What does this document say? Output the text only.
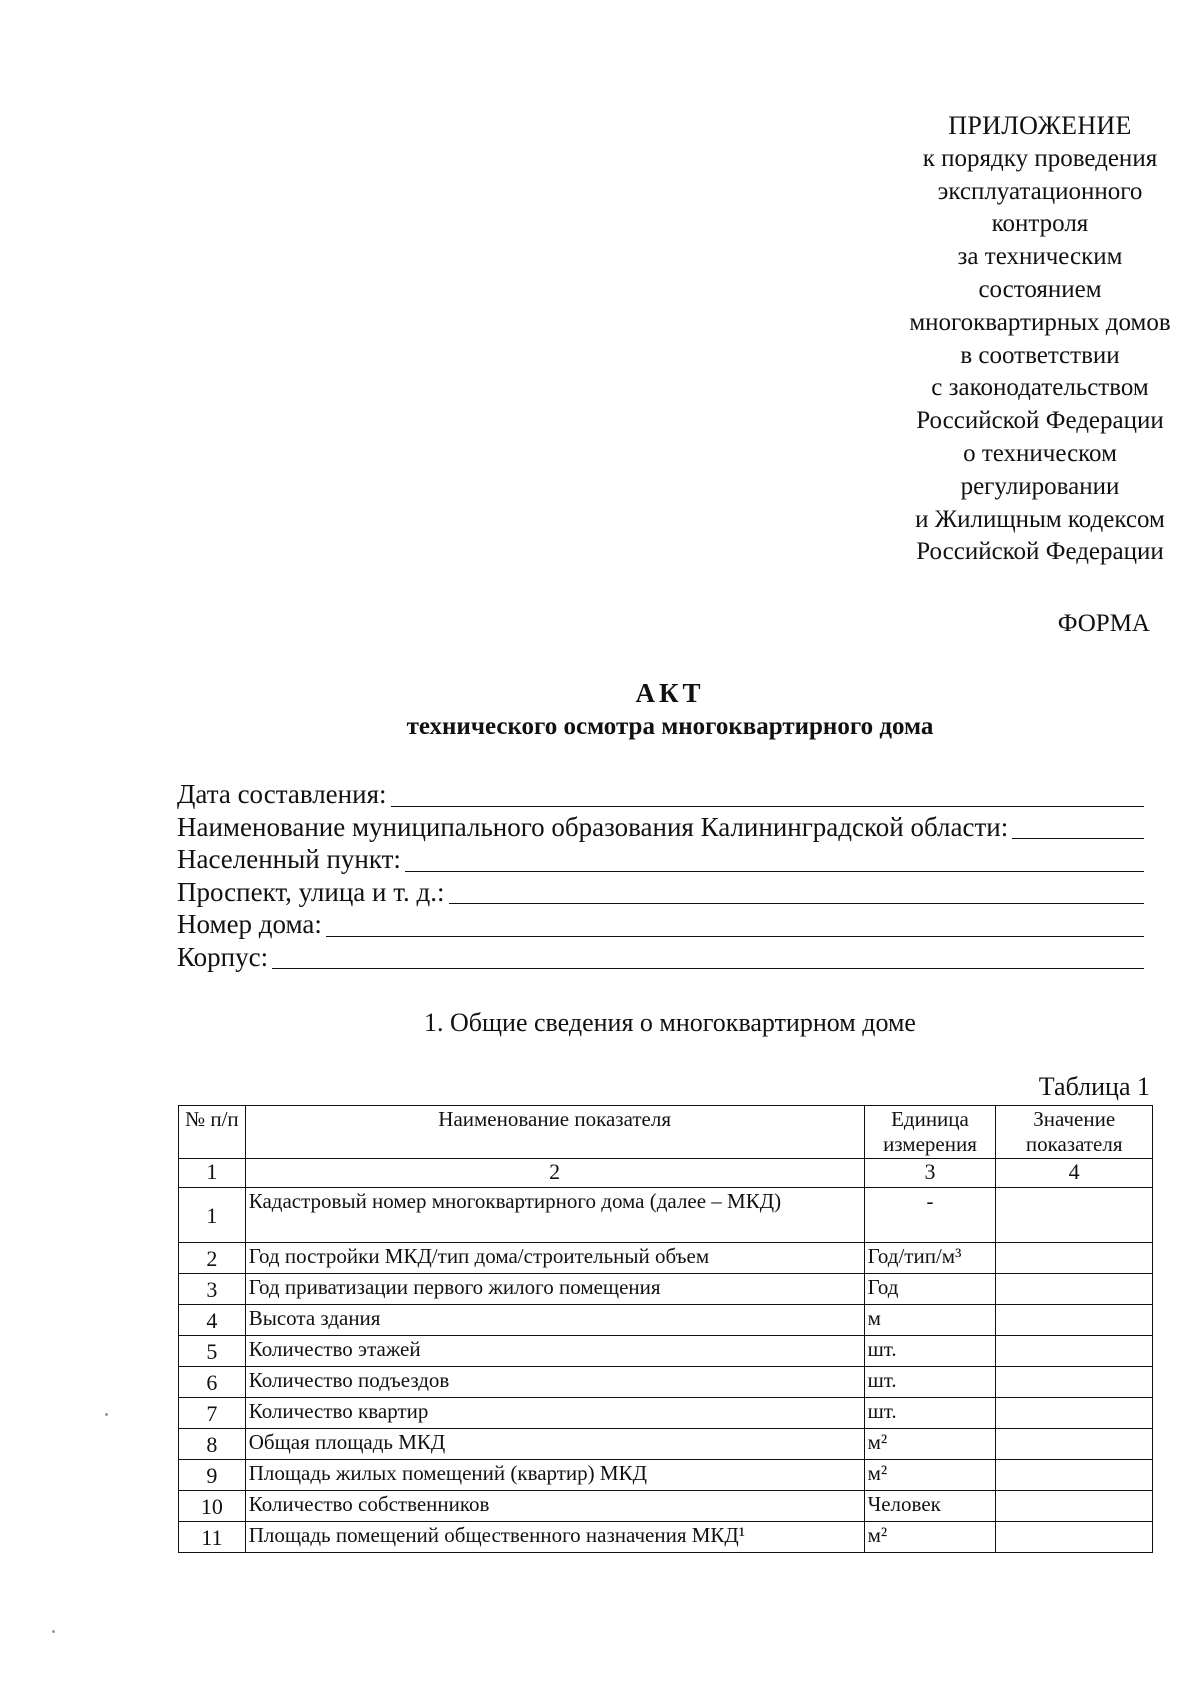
ПРИЛОЖЕНИЕ
к порядку проведения
эксплуатационного
контроля
за техническим
состоянием
многоквартирных домов
в соответствии
с законодательством
Российской Федерации
о техническом
регулировании
и Жилищным кодексом
Российской Федерации
ФОРМА
АКТ
технического осмотра многоквартирного дома
Дата составления:
Наименование муниципального образования Калининградской области:
Населенный пункт:
Проспект, улица и т. д.:
Номер дома:
Корпус:
1. Общие сведения о многоквартирном доме
Таблица 1
№ п/п	Наименование показателя	Единица измерения	Значение показателя
1	2	3	4
1	Кадастровый номер многоквартирного дома (далее – МКД)	-	
2	Год постройки МКД/тип дома/строительный объем	Год/тип/м³	
3	Год приватизации первого жилого помещения	Год	
4	Высота здания	м	
5	Количество этажей	шт.	
6	Количество подъездов	шт.	
7	Количество квартир	шт.	
8	Общая площадь МКД	м²	
9	Площадь жилых помещений (квартир) МКД	м²	
10	Количество собственников	Человек	
11	Площадь помещений общественного назначения МКД¹	м²	
